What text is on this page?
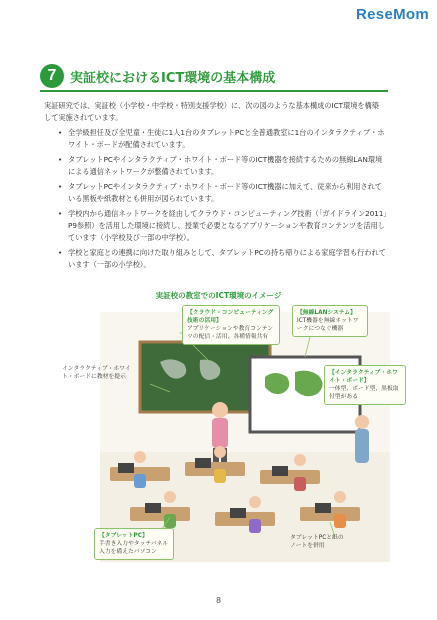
ReseMom
7	実証校におけるICT環境の基本構成
実証研究では、実証校（小学校・中学校・特別支援学校）に、次の図のような基本構成のICT環境を構築して実施されています。
• 全学級担任及び全児童・生徒に1人1台のタブレットPCと全普通教室に1台のインタラクティブ・ホワイト・ボードが配備されています。
• タブレットPCやインタラクティブ・ホワイト・ボード等のICT機器を接続するための無線LAN環境による通信ネットワークが整備されています。
• タブレットPCやインタラクティブ・ホワイト・ボード等のICT機器に加えて、従来から利用されている黒板や紙教材とも併用が図られています。
• 学校内から通信ネットワークを経由してクラウド・コンピューティング技術（「ガイドライン2011」P9参照）を活用した環境に接続し、授業で必要となるアプリケーションや教育コンテンツを活用しています（小学校及び一部の中学校）。
• 学校と家庭との連携に向けた取り組みとして、タブレットPCの持ち帰りによる家庭学習も行われています（一部の小学校）。
実証校の教室でのICT環境のイメージ
【クラウド・コンピューティング技術の活用】
アプリケーションや教育コンテンツの配信・活用、各種情報共有
【無線LANシステム】
ICT機器を無線ネットワークにつなぐ機器
インタラクティブ・ホワイト・ボードに教材を提示
【インタラクティブ・ホワイト・ボード】
一体型、ボード型、黒板取付型がある
【タブレットPC】
手書き入力やタッチパネル入力を備えたパソコン
タブレットPCと紙のノートを併用
8
